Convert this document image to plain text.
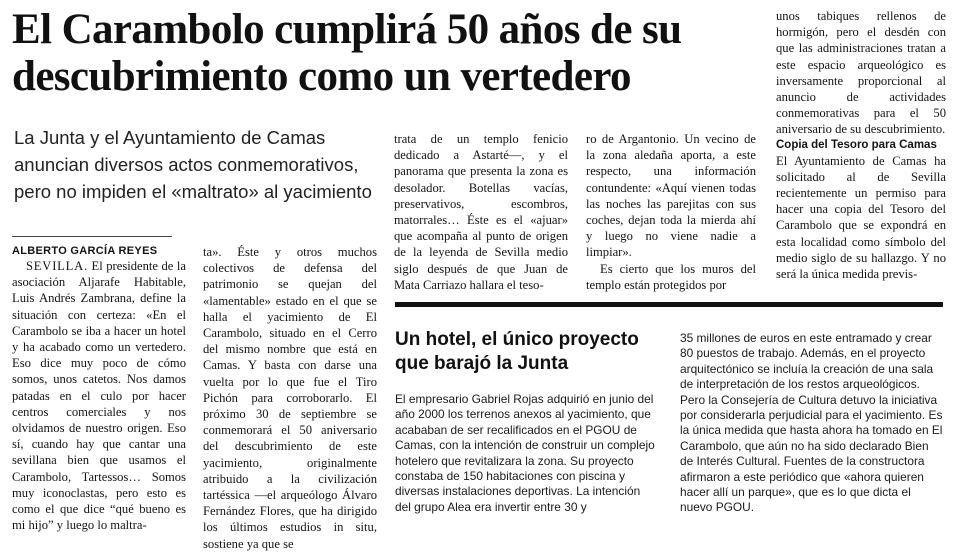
El Carambolo cumplirá 50 años de su
descubrimiento como un vertedero
La Junta y el Ayuntamiento de Camas
anuncian diversos actos conmemorativos,
pero no impiden el «maltrato» al yacimiento

ALBERTO GARCÍA REYES

SEVILLA. El presidente de la asociación Aljarafe Habitable, Luis Andrés Zambrana, define la situación con certeza: «En el Carambolo se iba a hacer un hotel y ha acabado como un vertedero. Eso dice muy poco de cómo somos, unos catetos. Nos damos patadas en el culo por hacer centros comerciales y nos olvidamos de nuestro origen. Eso sí, cuando hay que cantar una sevillana bien que usamos el Carambolo, Tartessos… Somos muy iconoclastas, pero esto es como el que dice “qué bueno es mi hijo” y luego lo maltra-

ta». Éste y otros muchos colectivos de defensa del patrimonio se quejan del «lamentable» estado en el que se halla el yacimiento de El Carambolo, situado en el Cerro del mismo nombre que está en Camas. Y basta con darse una vuelta por lo que fue el Tiro Pichón para corroborarlo. El próximo 30 de septiembre se conmemorará el 50 aniversario del descubrimiento de este yacimiento, originalmente atribuido a la civilización tartéssica —el arqueólogo Álvaro Fernández Flores, que ha dirigido los últimos estudios in situ, sostiene ya que se

trata de un templo fenicio dedicado a Astarté—, y el panorama que presenta la zona es desolador. Botellas vacías, preservativos, escombros, matorrales… Éste es el «ajuar» que acompaña al punto de origen de la leyenda de Sevilla medio siglo después de que Juan de Mata Carriazo hallara el teso-

ro de Argantonio. Un vecino de la zona aledaña aporta, a este respecto, una información contundente: «Aquí vienen todas las noches las parejitas con sus coches, dejan toda la mierda ahí y luego no viene nadie a limpiar».

Es cierto que los muros del templo están protegidos por

unos tabiques rellenos de hormigón, pero el desdén con que las administraciones tratan a este espacio arqueológico es inversamente proporcional al anuncio de actividades conmemorativas para el 50 aniversario de su descubrimiento.

Copia del Tesoro para Camas

El Ayuntamiento de Camas ha solicitado al de Sevilla recientemente un permiso para hacer una copia del Tesoro del Carambolo que se expondrá en esta localidad como símbolo del medio siglo de su hallazgo. Y no será la única medida previs-

Un hotel, el único proyecto
que barajó la Junta

El empresario Gabriel Rojas adquirió en junio del año 2000 los terrenos anexos al yacimiento, que acababan de ser recalificados en el PGOU de Camas, con la intención de construir un complejo hotelero que revitalizara la zona. Su proyecto constaba de 150 habitaciones con piscina y diversas instalaciones deportivas. La intención del grupo Alea era invertir entre 30 y

35 millones de euros en este entramado y crear 80 puestos de trabajo. Además, en el proyecto arquitectónico se incluía la creación de una sala de interpretación de los restos arqueológicos. Pero la Consejería de Cultura detuvo la iniciativa por considerarla perjudicial para el yacimiento. Es la única medida que hasta ahora ha tomado en El Carambolo, que aún no ha sido declarado Bien de Interés Cultural. Fuentes de la constructora afirmaron a este periódico que «ahora quieren hacer allí un parque», que es lo que dicta el nuevo PGOU.
